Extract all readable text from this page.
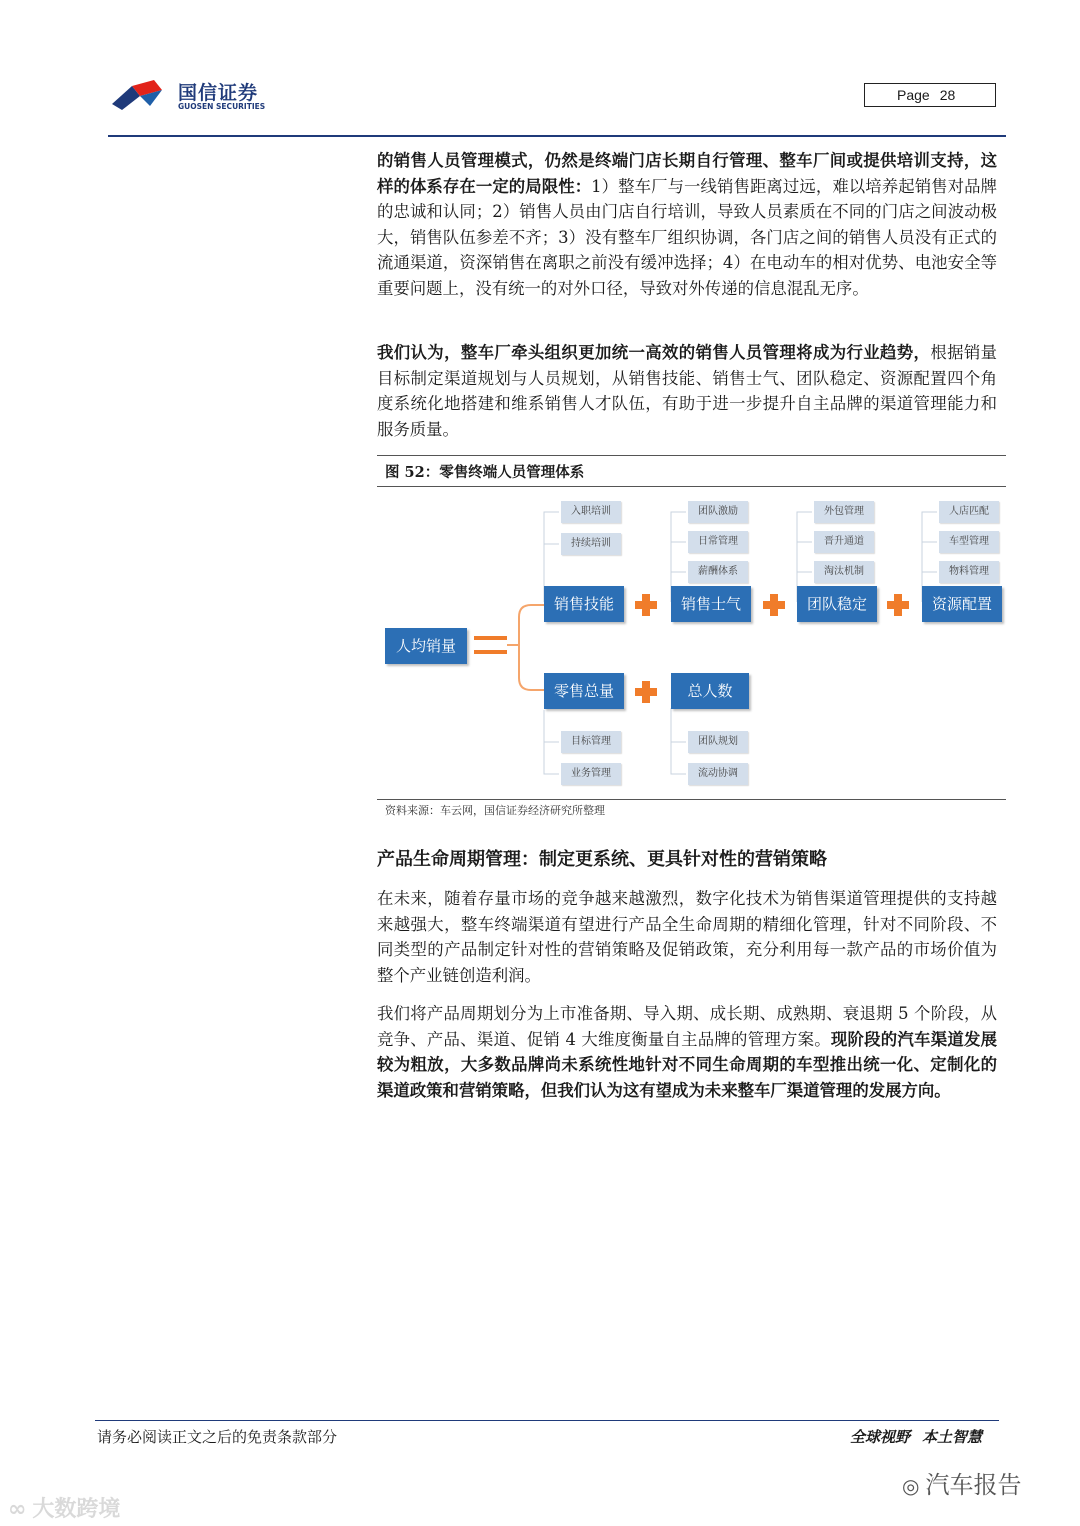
国信证券
GUOSEN SECURITIES
Page 28

的销售人员管理模式，仍然是终端门店长期自行管理、整车厂间或提供培训支持，这样的体系存在一定的局限性：1）整车厂与一线销售距离过远，难以培养起销售对品牌的忠诚和认同；2）销售人员由门店自行培训，导致人员素质在不同的门店之间波动极大，销售队伍参差不齐；3）没有整车厂组织协调，各门店之间的销售人员没有正式的流通渠道，资深销售在离职之前没有缓冲选择；4）在电动车的相对优势、电池安全等重要问题上，没有统一的对外口径，导致对外传递的信息混乱无序。

我们认为，整车厂牵头组织更加统一高效的销售人员管理将成为行业趋势，根据销量目标制定渠道规划与人员规划，从销售技能、销售士气、团队稳定、资源配置四个角度系统化地搭建和维系销售人才队伍，有助于进一步提升自主品牌的渠道管理能力和服务质量。

图 52：零售终端人员管理体系
人均销量
销售技能	销售士气	团队稳定	资源配置
入职培训
持续培训
团队激励
日常管理
薪酬体系
外包管理
晋升通道
淘汰机制
人店匹配
车型管理
物料管理
零售总量	总人数
目标管理
业务管理
团队规划
流动协调
资料来源：车云网，国信证券经济研究所整理
产品生命周期管理：制定更系统、更具针对性的营销策略

在未来，随着存量市场的竞争越来越激烈，数字化技术为销售渠道管理提供的支持越来越强大，整车终端渠道有望进行产品全生命周期的精细化管理，针对不同阶段、不同类型的产品制定针对性的营销策略及促销政策，充分利用每一款产品的市场价值为整个产业链创造利润。

我们将产品周期划分为上市准备期、导入期、成长期、成熟期、衰退期 5 个阶段，从竞争、产品、渠道、促销 4 大维度衡量自主品牌的管理方案。现阶段的汽车渠道发展较为粗放，大多数品牌尚未系统性地针对不同生命周期的车型推出统一化、定制化的渠道政策和营销策略，但我们认为这有望成为未来整车厂渠道管理的发展方向。

请务必阅读正文之后的免责条款部分	全球视野 本土智慧
◎ 汽车报告
∞ 大数跨境
